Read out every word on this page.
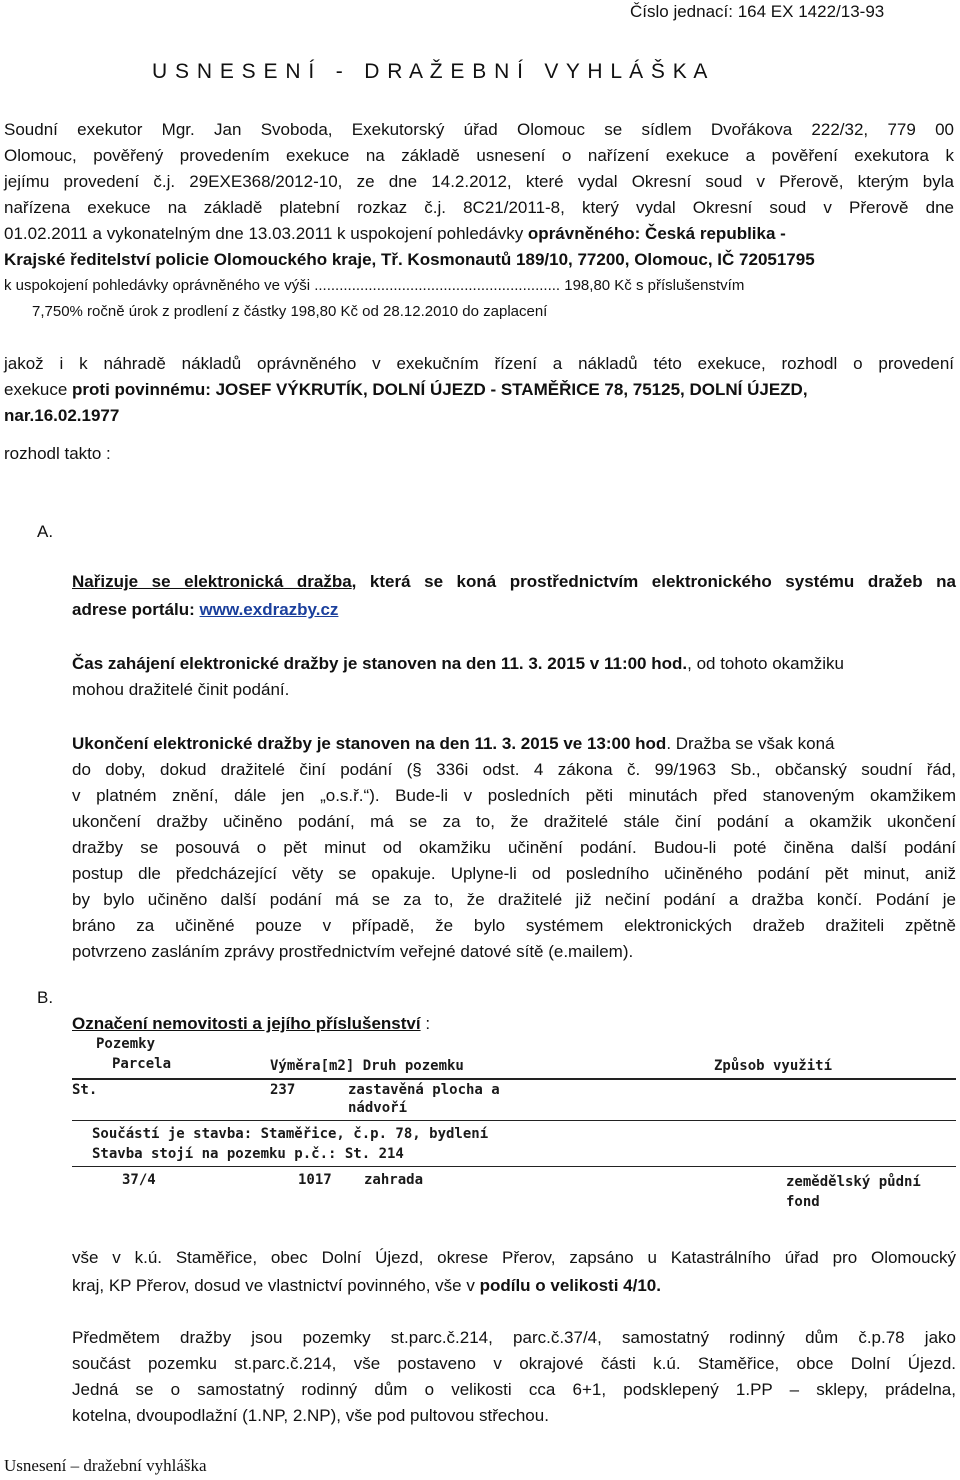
Číslo jednací: 164 EX 1422/13-93
U S N E S E N Í   -   D R A Ž E B N Í   V Y H L Á Š K A
Soudní exekutor Mgr. Jan Svoboda, Exekutorský úřad Olomouc se sídlem Dvořákova 222/32, 779 00
Olomouc, pověřený provedením exekuce na základě usnesení o nařízení exekuce a pověření exekutora k
jejímu provedení č.j. 29EXE368/2012-10, ze dne 14.2.2012, které vydal Okresní soud v Přerově, kterým byla
nařízena exekuce na základě platební rozkaz č.j. 8C21/2011-8, který vydal Okresní soud v Přerově dne
01.02.2011 a vykonatelným dne 13.03.2011 k uspokojení pohledávky oprávněného: Česká republika -
Krajské ředitelství policie Olomouckého kraje, Tř. Kosmonautů 189/10, 77200, Olomouc, IČ 72051795
k uspokojení pohledávky oprávněného ve výši ........................................................... 198,80 Kč s příslušenstvím
7,750% ročně úrok z prodlení z částky 198,80 Kč od 28.12.2010 do zaplacení
jakož i k náhradě nákladů oprávněného v exekučním řízení a nákladů této exekuce, rozhodl o provedení
exekuce proti povinnému: JOSEF VÝKRUTÍK, DOLNÍ ÚJEZD - STAMĚŘICE 78, 75125, DOLNÍ ÚJEZD,
nar.16.02.1977
rozhodl takto :
A.
Nařizuje se elektronická dražba, která se koná prostřednictvím elektronického systému dražeb na
adrese portálu: www.exdrazby.cz
Čas zahájení elektronické dražby je stanoven na den 11. 3. 2015 v 11:00 hod., od tohoto okamžiku
mohou dražitelé činit podání.
Ukončení elektronické dražby je stanoven na den 11. 3. 2015 ve 13:00 hod. Dražba se však koná
do doby, dokud dražitelé činí podání (§ 336i odst. 4 zákona č. 99/1963 Sb., občanský soudní řád,
v platném znění, dále jen „o.s.ř.“). Bude-li v posledních pěti minutách před stanoveným okamžikem
ukončení dražby učiněno podání, má se za to, že dražitelé stále činí podání a okamžik ukončení
dražby se posouvá o pět minut od okamžiku učinění podání. Budou-li poté činěna další podání
postup dle předcházející věty se opakuje. Uplyne-li od posledního učiněného podání pět minut, aniž
by bylo učiněno další podání má se za to, že dražitelé již nečiní podání a dražba končí. Podání je
bráno za učiněné pouze v případě, že bylo systémem elektronických dražeb dražiteli zpětně
potvrzeno zasláním zprávy prostřednictvím veřejné datové sítě (e.mailem).
B.
Označení nemovitosti a jejího příslušenství :
Pozemky
Parcela	Výměra[m2] Druh pozemku	Způsob využití
St.	237	zastavěná plocha a
nádvoří
Součástí je stavba: Staměřice, č.p. 78, bydlení
Stavba stojí na pozemku p.č.: St. 214
37/4	1017 zahrada	zemědělský půdní
fond
vše v k.ú. Staměřice, obec Dolní Újezd, okrese Přerov, zapsáno u Katastrálního úřad pro Olomoucký
kraj, KP Přerov, dosud ve vlastnictví povinného, vše v podílu o velikosti 4/10.
Předmětem dražby jsou pozemky st.parc.č.214, parc.č.37/4, samostatný rodinný dům č.p.78 jako
součást pozemku st.parc.č.214, vše postaveno v okrajové části k.ú. Staměřice, obce Dolní Újezd.
Jedná se o samostatný rodinný dům o velikosti cca 6+1, podsklepený 1.PP – sklepy, prádelna,
kotelna, dvoupodlažní (1.NP, 2.NP), vše pod pultovou střechou.
Usnesení – dražební vyhláška
